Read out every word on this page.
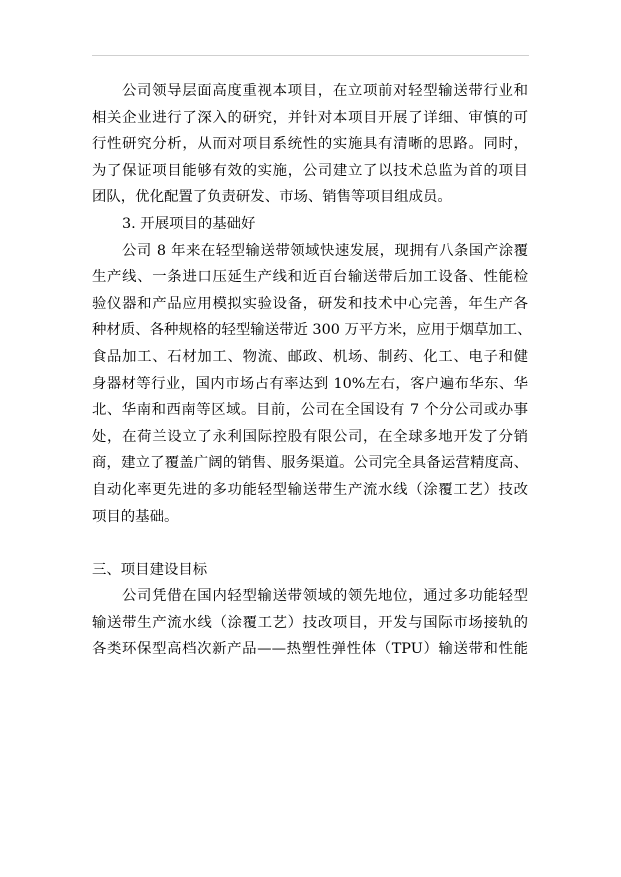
公司领导层面高度重视本项目，在立项前对轻型输送带行业和
相关企业进行了深入的研究，并针对本项目开展了详细、审慎的可
行性研究分析，从而对项目系统性的实施具有清晰的思路。同时，
为了保证项目能够有效的实施，公司建立了以技术总监为首的项目
团队，优化配置了负责研发、市场、销售等项目组成员。
3. 开展项目的基础好
公司 8 年来在轻型输送带领域快速发展，现拥有八条国产涂覆
生产线、一条进口压延生产线和近百台输送带后加工设备、性能检
验仪器和产品应用模拟实验设备，研发和技术中心完善，年生产各
种材质、各种规格的轻型输送带近 300 万平方米，应用于烟草加工、
食品加工、石材加工、物流、邮政、机场、制药、化工、电子和健
身器材等行业，国内市场占有率达到 10%左右，客户遍布华东、华
北、华南和西南等区域。目前，公司在全国设有 7 个分公司或办事
处，在荷兰设立了永利国际控股有限公司，在全球多地开发了分销
商，建立了覆盖广阔的销售、服务渠道。公司完全具备运营精度高、
自动化率更先进的多功能轻型输送带生产流水线（涂覆工艺）技改
项目的基础。
三、项目建设目标
公司凭借在国内轻型输送带领域的领先地位，通过多功能轻型
输送带生产流水线（涂覆工艺）技改项目，开发与国际市场接轨的
各类环保型高档次新产品——热塑性弹性体（TPU）输送带和性能
